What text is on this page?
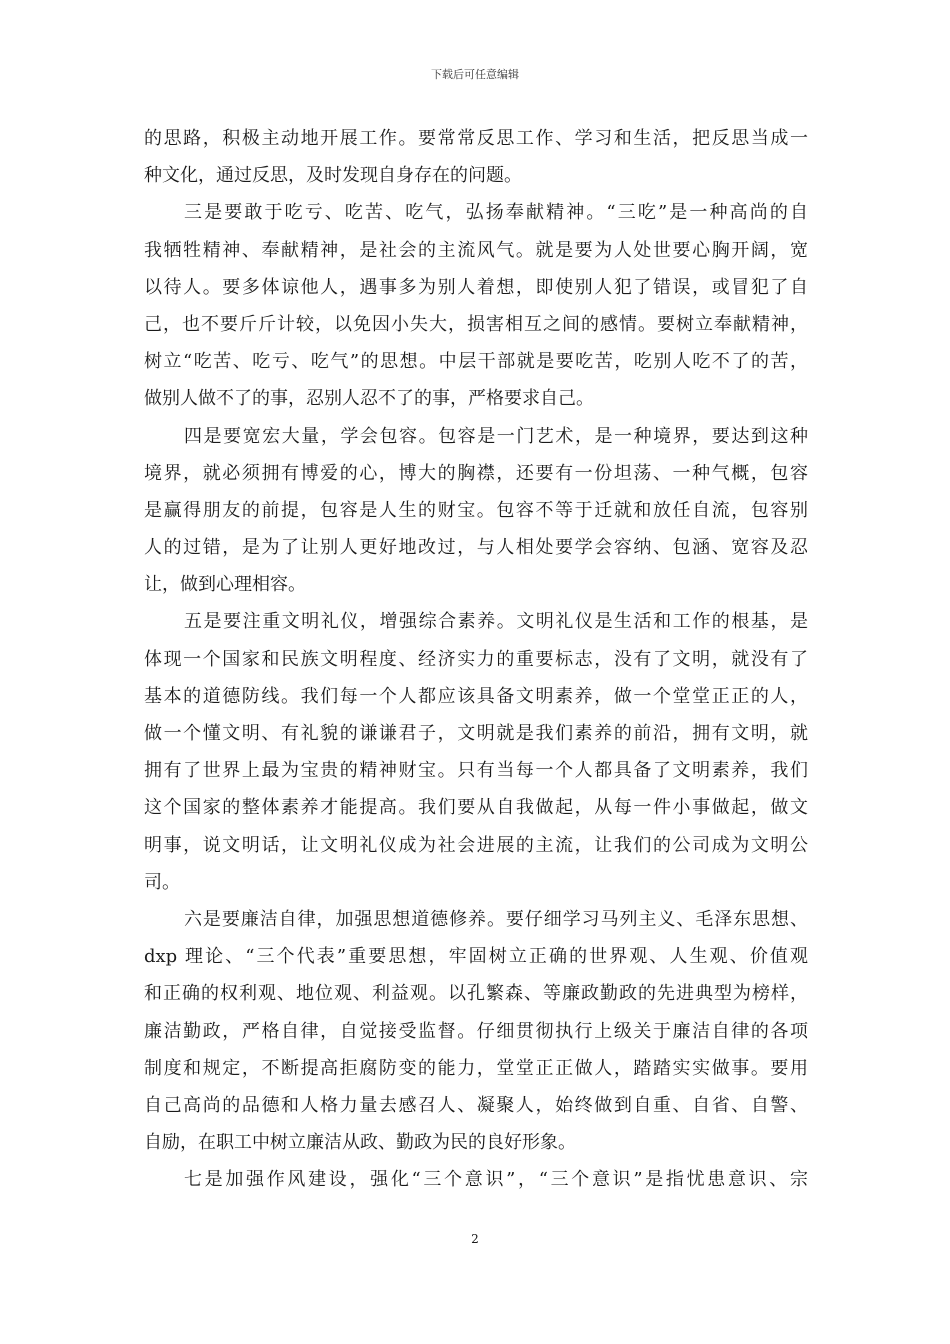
下载后可任意编辑
的思路，积极主动地开展工作。要常常反思工作、学习和生活，把反思当成一
种文化，通过反思，及时发现自身存在的问题。
三是要敢于吃亏、吃苦、吃气，弘扬奉献精神。“三吃”是一种高尚的自
我牺牲精神、奉献精神，是社会的主流风气。就是要为人处世要心胸开阔，宽
以待人。要多体谅他人，遇事多为别人着想，即使别人犯了错误，或冒犯了自
己，也不要斤斤计较，以免因小失大，损害相互之间的感情。要树立奉献精神，
树立“吃苦、吃亏、吃气”的思想。中层干部就是要吃苦，吃别人吃不了的苦，
做别人做不了的事，忍别人忍不了的事，严格要求自己。
四是要宽宏大量，学会包容。包容是一门艺术，是一种境界，要达到这种
境界，就必须拥有博爱的心，博大的胸襟，还要有一份坦荡、一种气概，包容
是赢得朋友的前提，包容是人生的财宝。包容不等于迁就和放任自流，包容别
人的过错，是为了让别人更好地改过，与人相处要学会容纳、包涵、宽容及忍
让，做到心理相容。
五是要注重文明礼仪，增强综合素养。文明礼仪是生活和工作的根基，是
体现一个国家和民族文明程度、经济实力的重要标志，没有了文明，就没有了
基本的道德防线。我们每一个人都应该具备文明素养，做一个堂堂正正的人，
做一个懂文明、有礼貌的谦谦君子，文明就是我们素养的前沿，拥有文明，就
拥有了世界上最为宝贵的精神财宝。只有当每一个人都具备了文明素养，我们
这个国家的整体素养才能提高。我们要从自我做起，从每一件小事做起，做文
明事，说文明话，让文明礼仪成为社会进展的主流，让我们的公司成为文明公
司。
六是要廉洁自律，加强思想道德修养。要仔细学习马列主义、毛泽东思想、
dxp 理论、“三个代表”重要思想，牢固树立正确的世界观、人生观、价值观
和正确的权利观、地位观、利益观。以孔繁森、等廉政勤政的先进典型为榜样，
廉洁勤政，严格自律，自觉接受监督。仔细贯彻执行上级关于廉洁自律的各项
制度和规定，不断提高拒腐防变的能力，堂堂正正做人，踏踏实实做事。要用
自己高尚的品德和人格力量去感召人、凝聚人，始终做到自重、自省、自警、
自励，在职工中树立廉洁从政、勤政为民的良好形象。
七是加强作风建设，强化“三个意识”，“三个意识”是指忧患意识、宗
2
